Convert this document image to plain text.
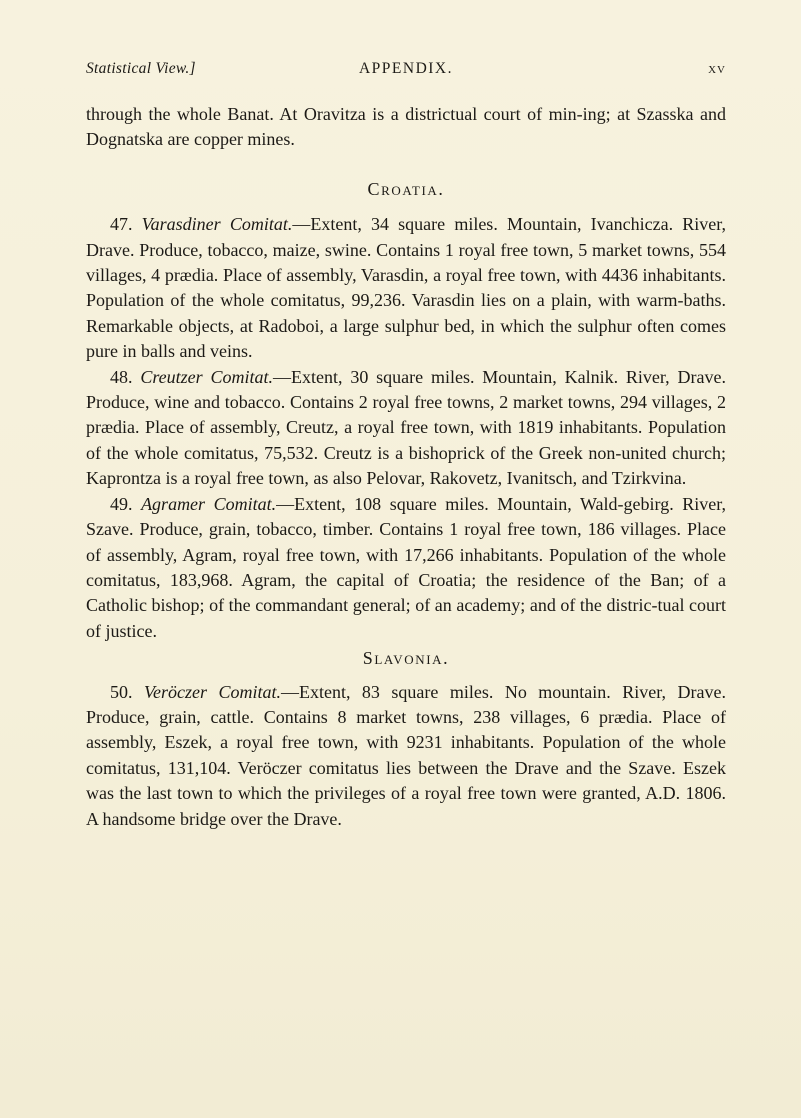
Statistical View.]	APPENDIX.	xv

through the whole Banat. At Oravitza is a districtual court of min-ing; at Szasska and Dognatska are copper mines.

Croatia.

47. Varasdiner Comitat.—Extent, 34 square miles. Mountain, Ivanchicza. River, Drave. Produce, tobacco, maize, swine. Contains 1 royal free town, 5 market towns, 554 villages, 4 prædia. Place of assembly, Varasdin, a royal free town, with 4436 inhabitants. Population of the whole comitatus, 99,236. Varasdin lies on a plain, with warm-baths. Remarkable objects, at Radoboi, a large sulphur bed, in which the sulphur often comes pure in balls and veins.

48. Creutzer Comitat.—Extent, 30 square miles. Mountain, Kalnik. River, Drave. Produce, wine and tobacco. Contains 2 royal free towns, 2 market towns, 294 villages, 2 prædia. Place of assembly, Creutz, a royal free town, with 1819 inhabitants. Population of the whole comitatus, 75,532. Creutz is a bishoprick of the Greek non-united church; Kaprontza is a royal free town, as also Pelovar, Rakovetz, Ivanitsch, and Tzirkvina.

49. Agramer Comitat.—Extent, 108 square miles. Mountain, Wald-gebirg. River, Szave. Produce, grain, tobacco, timber. Contains 1 royal free town, 186 villages. Place of assembly, Agram, royal free town, with 17,266 inhabitants. Population of the whole comitatus, 183,968. Agram, the capital of Croatia; the residence of the Ban; of a Catholic bishop; of the commandant general; of an academy; and of the distric-tual court of justice.

Slavonia.

50. Veröczer Comitat.—Extent, 83 square miles. No mountain. River, Drave. Produce, grain, cattle. Contains 8 market towns, 238 villages, 6 prædia. Place of assembly, Eszek, a royal free town, with 9231 inhabitants. Population of the whole comitatus, 131,104. Veröczer comitatus lies between the Drave and the Szave. Eszek was the last town to which the privileges of a royal free town were granted, A.D. 1806. A handsome bridge over the Drave.
